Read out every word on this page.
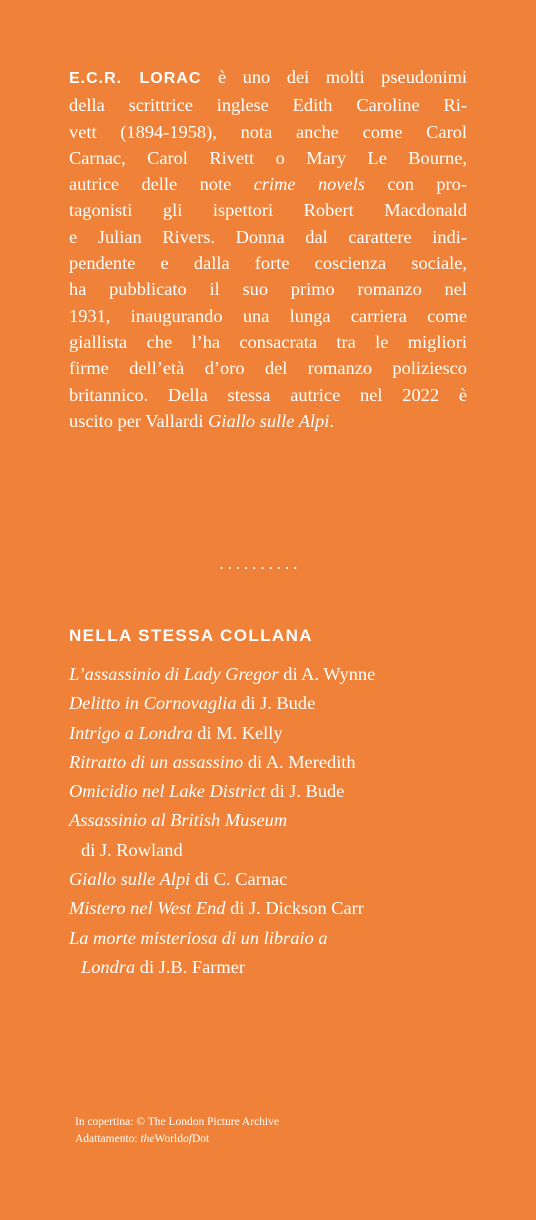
E.C.R. LORAC è uno dei molti pseudonimi
della scrittrice inglese Edith Caroline Ri-
vett (1894-1958), nota anche come Carol
Carnac, Carol Rivett o Mary Le Bourne,
autrice delle note crime novels con pro-
tagonisti gli ispettori Robert Macdonald
e Julian Rivers. Donna dal carattere indi-
pendente e dalla forte coscienza sociale,
ha pubblicato il suo primo romanzo nel
1931, inaugurando una lunga carriera come
giallista che l’ha consacrata tra le migliori
firme dell’età d’oro del romanzo poliziesco
britannico. Della stessa autrice nel 2022 è
uscito per Vallardi Giallo sulle Alpi.
..........
NELLA STESSA COLLANA
L’assassinio di Lady Gregor di A. Wynne
Delitto in Cornovaglia di J. Bude
Intrigo a Londra di M. Kelly
Ritratto di un assassino di A. Meredith
Omicidio nel Lake District di J. Bude
Assassinio al British Museum
di J. Rowland
Giallo sulle Alpi di C. Carnac
Mistero nel West End di J. Dickson Carr
La morte misteriosa di un libraio a
Londra di J.B. Farmer
In copertina: © The London Picture Archive
Adattamento: theWorldofDot
